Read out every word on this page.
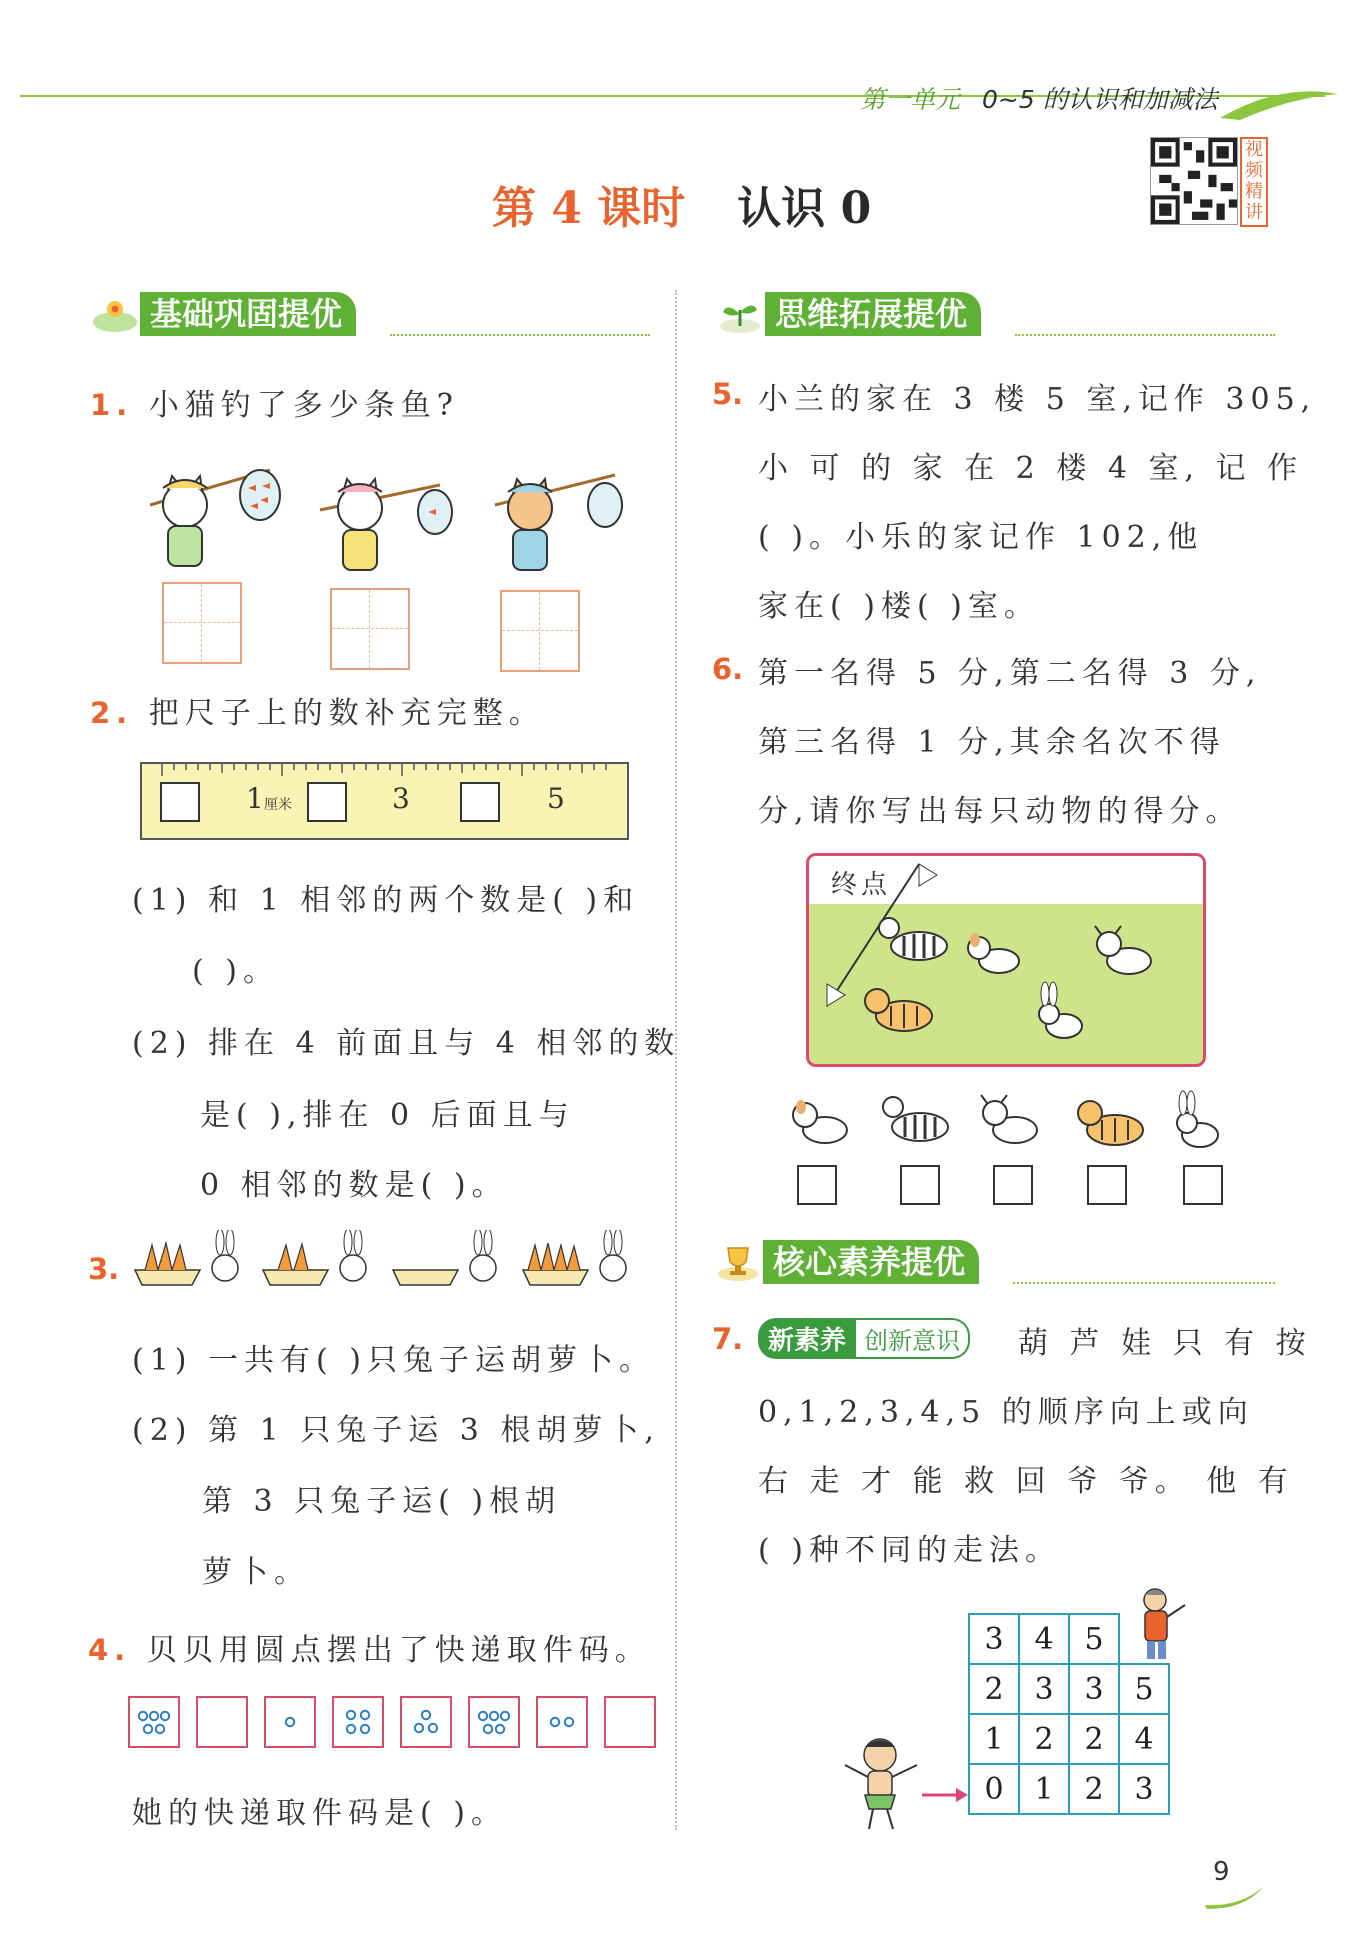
第一单元 0~5 的认识和加减法
第 4 课时 认识 0
视
频
精
讲
基础巩固提优
1. 小猫钓了多少条鱼?
2. 把尺子上的数补充完整。
1 厘米	3	5
(1) 和 1 相邻的两个数是( )和
( )。
(2) 排在 4 前面且与 4 相邻的数
是( ),排在 0 后面且与
0 相邻的数是( )。
3.
(1) 一共有( )只兔子运胡萝卜。
(2) 第 1 只兔子运 3 根胡萝卜,
第 3 只兔子运( )根胡
萝卜。
4. 贝贝用圆点摆出了快递取件码。
她的快递取件码是( )。
思维拓展提优
5. 小兰的家在 3 楼 5 室,记作 305,
小 可 的 家 在 2 楼 4 室, 记 作
( )。小乐的家记作 102,他
家在( )楼( )室。
6. 第一名得 5 分,第二名得 3 分,
第三名得 1 分,其余名次不得
分,请你写出每只动物的得分。
终点
核心素养提优
7. 新素养 创新意识	葫 芦 娃 只 有 按
0,1,2,3,4,5 的顺序向上或向
右 走 才 能 救 回 爷 爷。 他 有
( )种不同的走法。
3	4	5	
2	3	3	5
1	2	2	4
0	1	2	3
9
